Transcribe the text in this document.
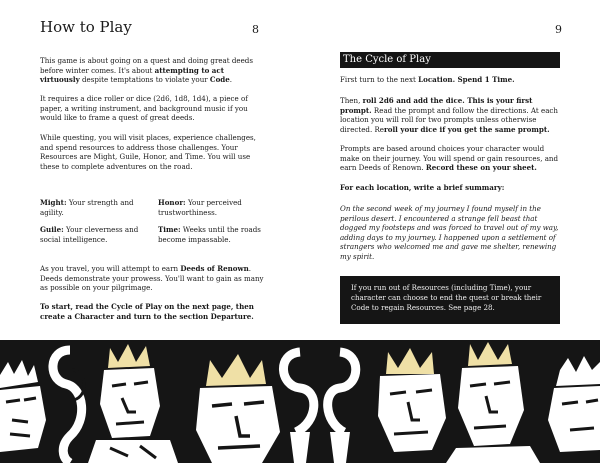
How to Play	8

This game is about going on a quest and doing great deeds before winter comes. It's about attempting to act virtuously despite temptations to violate your Code.

It requires a dice roller or dice (2d6, 1d8, 1d4), a piece of paper, a writing instrument, and background music if you would like to frame a quest of great deeds.

While questing, you will visit places, experience challenges, and spend resources to address those challenges. Your Resources are Might, Guile, Honor, and Time. You will use these to complete adventures on the road.

Might: Your strength and agility.
Honor: Your perceived trustworthiness.
Guile: Your cleverness and social intelligence.
Time: Weeks until the roads become impassable.

As you travel, you will attempt to earn Deeds of Renown. Deeds demonstrate your prowess. You'll want to gain as many as possible on your pilgrimage.

To start, read the Cycle of Play on the next page, then create a Character and turn to the section Departure.

9
The Cycle of Play

First turn to the next Location. Spend 1 Time.

Then, roll 2d6 and add the dice. This is your first prompt. Read the prompt and follow the directions. At each location you will roll for two prompts unless otherwise directed. Reroll your dice if you get the same prompt.

Prompts are based around choices your character would make on their journey. You will spend or gain resources, and earn Deeds of Renown. Record these on your sheet.

For each location, write a brief summary:

On the second week of my journey I found myself in the perilous desert. I encountered a strange fell beast that dogged my footsteps and was forced to travel out of my way, adding days to my journey. I happened upon a settlement of strangers who welcomed me and gave me shelter, renewing my spirit.

If you run out of Resources (including Time), your character can choose to end the quest or break their Code to regain Resources. See page 28.
